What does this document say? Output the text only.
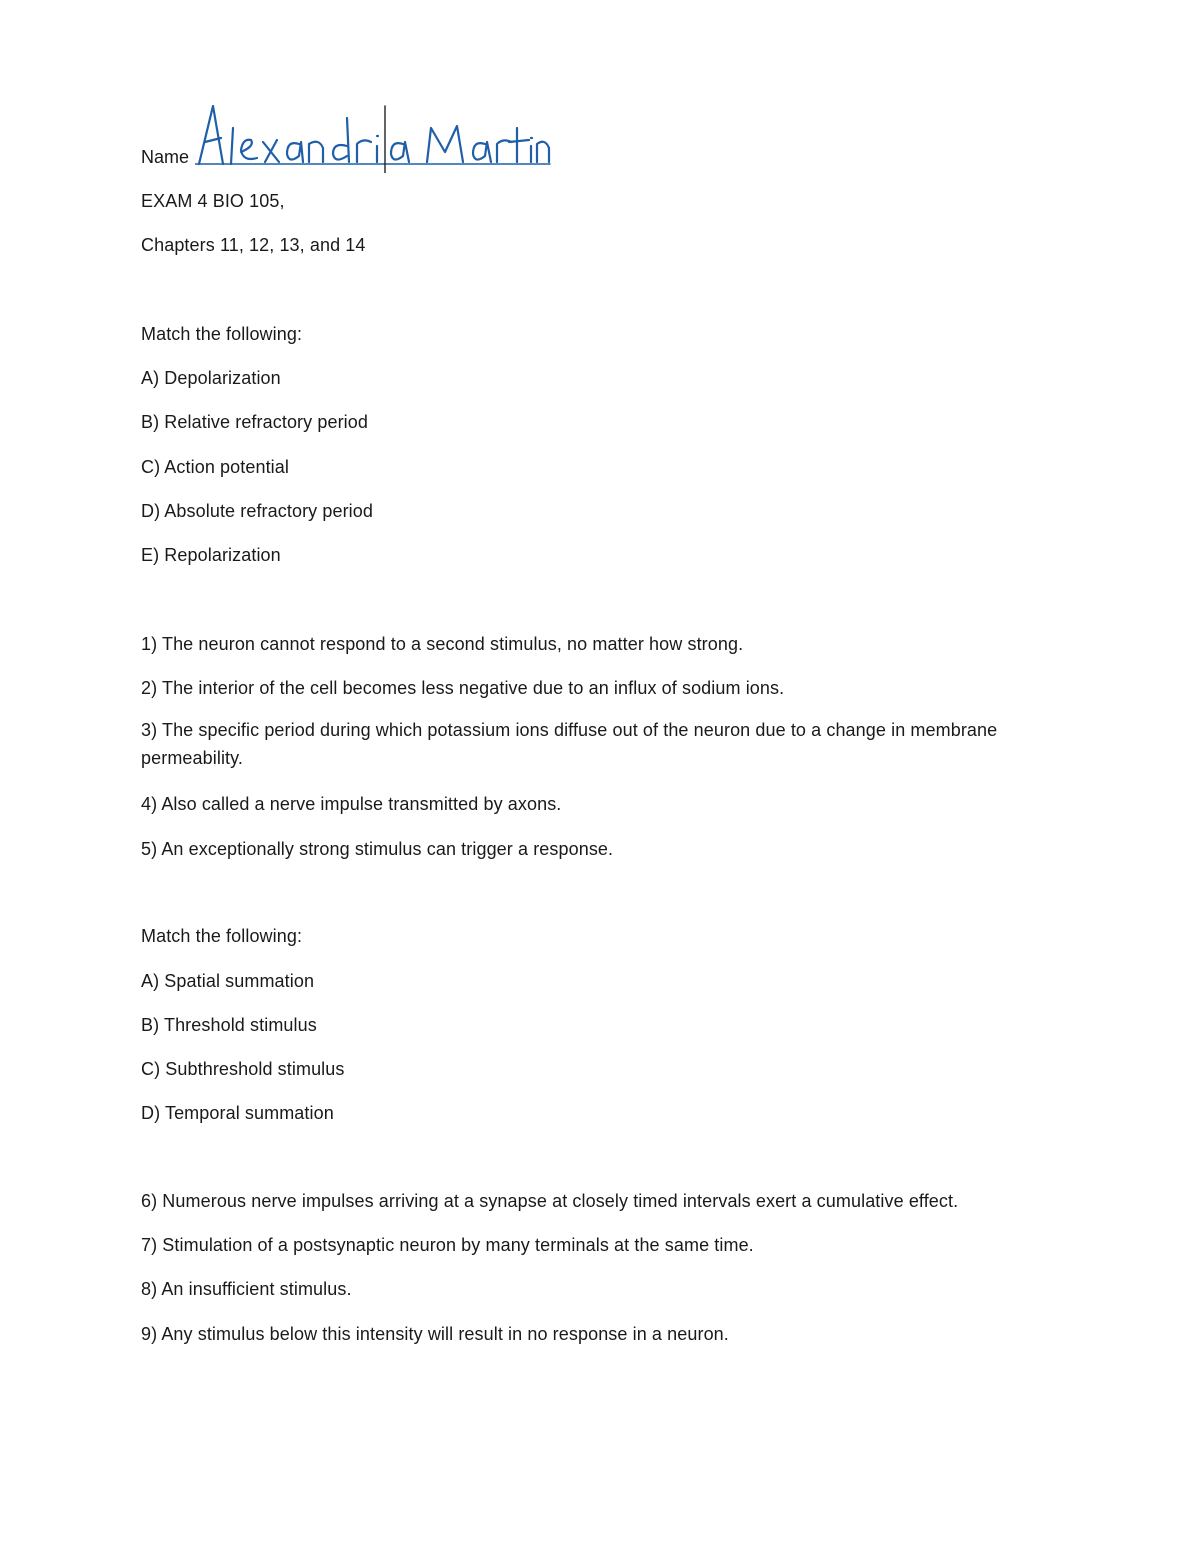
Name
EXAM 4 BIO 105,
Chapters 11, 12, 13, and 14
Match the following:
A) Depolarization
B) Relative refractory period
C) Action potential
D) Absolute refractory period
E) Repolarization
1) The neuron cannot respond to a second stimulus, no matter how strong.
2) The interior of the cell becomes less negative due to an influx of sodium ions.
3) The specific period during which potassium ions diffuse out of the neuron due to a change in membrane permeability.
4) Also called a nerve impulse transmitted by axons.
5) An exceptionally strong stimulus can trigger a response.
Match the following:
A) Spatial summation
B) Threshold stimulus
C) Subthreshold stimulus
D) Temporal summation
6) Numerous nerve impulses arriving at a synapse at closely timed intervals exert a cumulative effect.
7) Stimulation of a postsynaptic neuron by many terminals at the same time.
8) An insufficient stimulus.
9) Any stimulus below this intensity will result in no response in a neuron.
